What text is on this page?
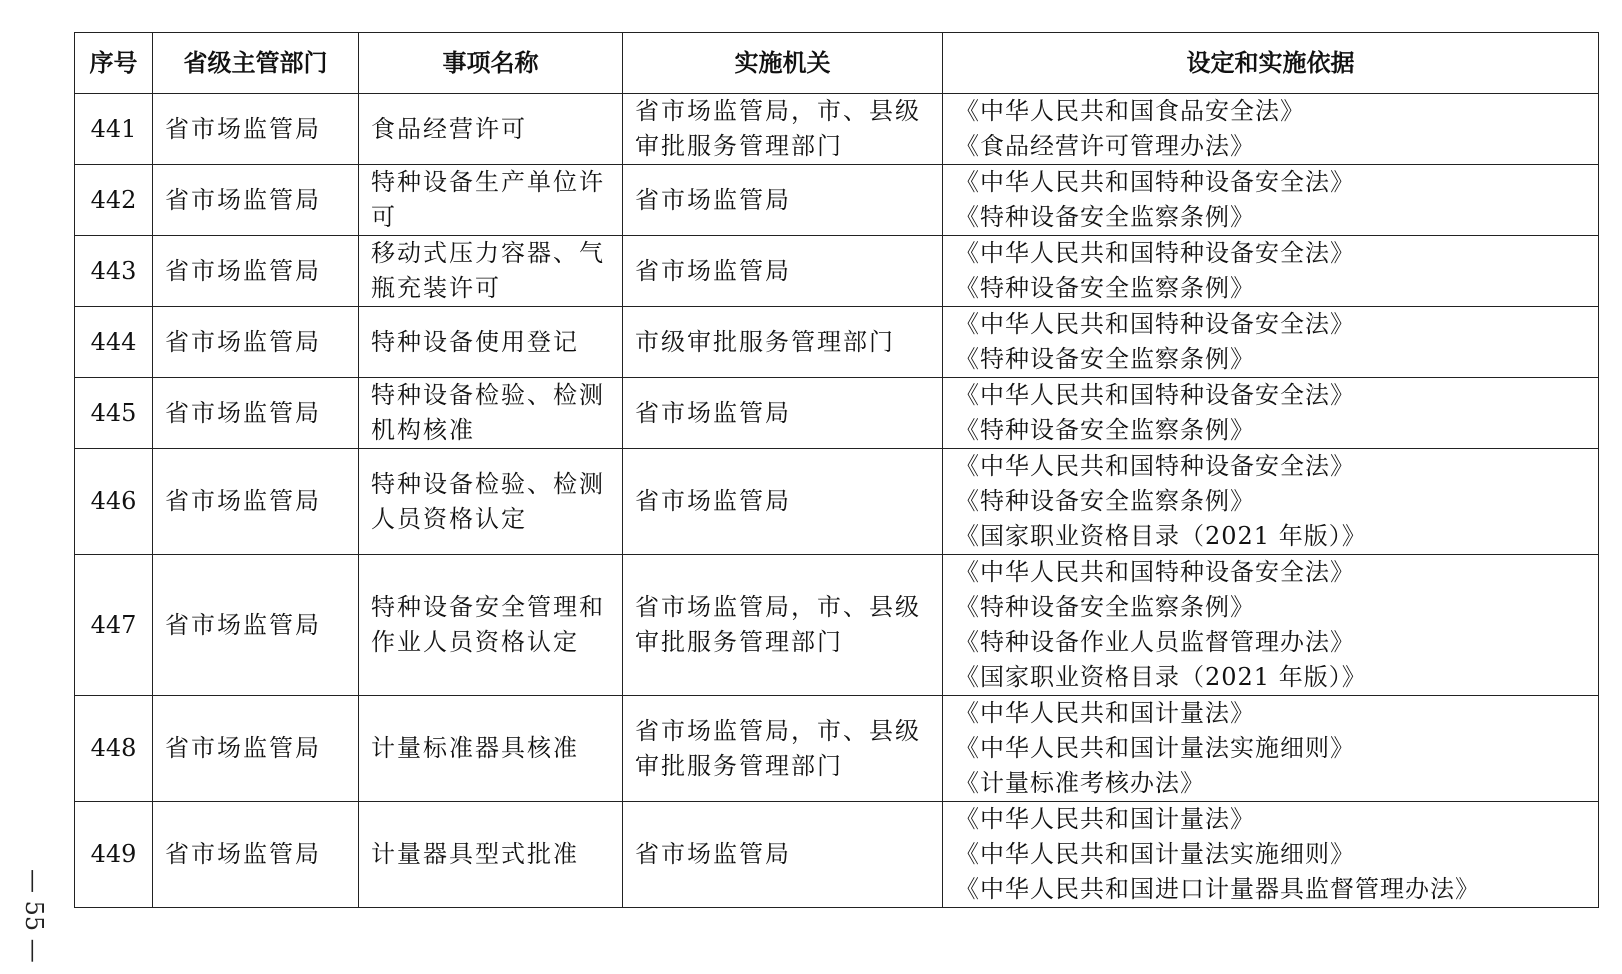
序号	省级主管部门	事项名称	实施机关	设定和实施依据
441	省市场监管局	食品经营许可	省市场监管局，市、县级审批服务管理部门	《中华人民共和国食品安全法》
《食品经营许可管理办法》

442	省市场监管局	特种设备生产单位许可	省市场监管局	《中华人民共和国特种设备安全法》
《特种设备安全监察条例》

443	省市场监管局	移动式压力容器、气瓶充装许可	省市场监管局	《中华人民共和国特种设备安全法》
《特种设备安全监察条例》

444	省市场监管局	特种设备使用登记	市级审批服务管理部门	《中华人民共和国特种设备安全法》
《特种设备安全监察条例》

445	省市场监管局	特种设备检验、检测机构核准	省市场监管局	《中华人民共和国特种设备安全法》
《特种设备安全监察条例》

446	省市场监管局	特种设备检验、检测人员资格认定	省市场监管局	《中华人民共和国特种设备安全法》
《特种设备安全监察条例》
《国家职业资格目录（2021 年版）》

447	省市场监管局	特种设备安全管理和作业人员资格认定	省市场监管局，市、县级审批服务管理部门	《中华人民共和国特种设备安全法》
《特种设备安全监察条例》
《特种设备作业人员监督管理办法》
《国家职业资格目录（2021 年版）》

448	省市场监管局	计量标准器具核准	省市场监管局，市、县级审批服务管理部门	《中华人民共和国计量法》
《中华人民共和国计量法实施细则》
《计量标准考核办法》

449	省市场监管局	计量器具型式批准	省市场监管局	《中华人民共和国计量法》
《中华人民共和国计量法实施细则》
《中华人民共和国进口计量器具监督管理办法》
— 55 —
